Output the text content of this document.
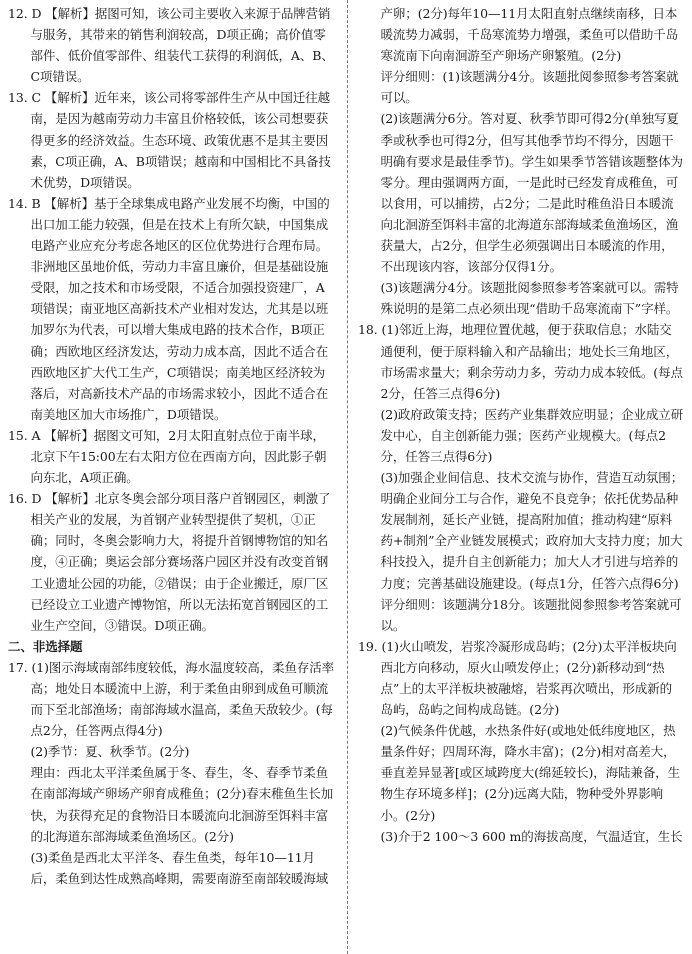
12. D 【解析】据图可知，该公司主要收入来源于品牌营销与服务，其带来的销售利润较高，D项正确；高价值零部件、低价值零部件、组装代工获得的利润低，A、B、C项错误。

13. C 【解析】近年来，该公司将零部件生产从中国迁往越南，是因为越南劳动力丰富且价格较低，该公司想要获得更多的经济效益。生态环境、政策优惠不是其主要因素，C项正确，A、B项错误；越南和中国相比不具备技术优势，D项错误。

14. B 【解析】基于全球集成电路产业发展不均衡，中国的出口加工能力较强，但是在技术上有所欠缺，中国集成电路产业应充分考虑各地区的区位优势进行合理布局。非洲地区虽地价低，劳动力丰富且廉价，但是基础设施受限，加之技术和市场受限，不适合加强投资建厂，A项错误；南亚地区高新技术产业相对发达，尤其是以班加罗尔为代表，可以增大集成电路的技术合作，B项正确；西欧地区经济发达，劳动力成本高，因此不适合在西欧地区扩大代工生产，C项错误；南美地区经济较为落后，对高新技术产品的市场需求较小，因此不适合在南美地区加大市场推广，D项错误。

15. A 【解析】据图文可知，2月太阳直射点位于南半球，北京下午15:00左右太阳方位在西南方向，因此影子朝向东北，A项正确。

16. D 【解析】北京冬奥会部分项目落户首钢园区，刺激了相关产业的发展，为首钢产业转型提供了契机，①正确；同时，冬奥会影响力大，将提升首钢博物馆的知名度，④正确；奥运会部分赛场落户园区并没有改变首钢工业遗址公园的功能，②错误；由于企业搬迁，原厂区已经设立工业遗产博物馆，所以无法拓宽首钢园区的工业生产空间，③错误。D项正确。

二、非选择题

17. (1)图示海域南部纬度较低，海水温度较高，柔鱼存活率高；地处日本暖流中上游，利于柔鱼由卵到成鱼可顺流而下至北部渔场；南部海域水温高，柔鱼天敌较少。(每点2分，任答两点得4分)

(2)季节：夏、秋季节。(2分)

理由：西北太平洋柔鱼属于冬、春生，冬、春季节柔鱼在南部海域产卵场产卵育成稚鱼；(2分)春末稚鱼生长加快，为获得充足的食物沿日本暖流向北洄游至饵料丰富的北海道东部海域柔鱼渔场区。(2分)

(3)柔鱼是西北太平洋冬、春生鱼类，每年10—11月后，柔鱼到达性成熟高峰期，需要南游至南部较暖海域

产卵；(2分)每年10—11月太阳直射点继续南移，日本暖流势力减弱，千岛寒流势力增强，柔鱼可以借助千岛寒流南下向南洄游至产卵场产卵繁殖。(2分)

评分细则：(1)该题满分4分。该题批阅参照参考答案就可以。

(2)该题满分6分。答对夏、秋季节即可得2分(单独写夏季或秋季也可得2分，但写其他季节均不得分，因题干明确有要求是最佳季节)。学生如果季节答错该题整体为零分。理由强调两方面，一是此时已经发育成稚鱼，可以食用，可以捕捞，占2分；二是此时稚鱼沿日本暖流向北洄游至饵料丰富的北海道东部海域柔鱼渔场区，渔获量大，占2分，但学生必须强调出日本暖流的作用，不出现该内容，该部分仅得1分。

(3)该题满分4分。该题批阅参照参考答案就可以。需特殊说明的是第二点必须出现“借助千岛寒流南下”字样。

18. (1)邻近上海，地理位置优越，便于获取信息；水陆交通便利，便于原料输入和产品输出；地处长三角地区，市场需求量大；剩余劳动力多，劳动力成本较低。(每点2分，任答三点得6分)

(2)政府政策支持；医药产业集群效应明显；企业成立研发中心，自主创新能力强；医药产业规模大。(每点2分，任答三点得6分)

(3)加强企业间信息、技术交流与协作，营造互动氛围；明确企业间分工与合作，避免不良竞争；依托优势品种发展制剂，延长产业链，提高附加值；推动构建“原料药+制剂”全产业链发展模式；政府加大支持力度；加大科技投入，提升自主创新能力；加大人才引进与培养的力度；完善基础设施建设。(每点1分，任答六点得6分)

评分细则：该题满分18分。该题批阅参照参考答案就可以。

19. (1)火山喷发，岩浆冷凝形成岛屿；(2分)太平洋板块向西北方向移动，原火山喷发停止；(2分)新移动到“热点”上的太平洋板块被融熔，岩浆再次喷出，形成新的岛屿，岛屿之间构成岛链。(2分)

(2)气候条件优越，水热条件好(或地处低纬度地区，热量条件好；四周环海，降水丰富)；(2分)相对高差大，垂直差异显著[或区域跨度大(绵延较长)，海陆兼备，生物生存环境多样]；(2分)远离大陆，物种受外界影响小。(2分)

(3)介于2 100～3 600 m的海拔高度，气温适宜，生长
